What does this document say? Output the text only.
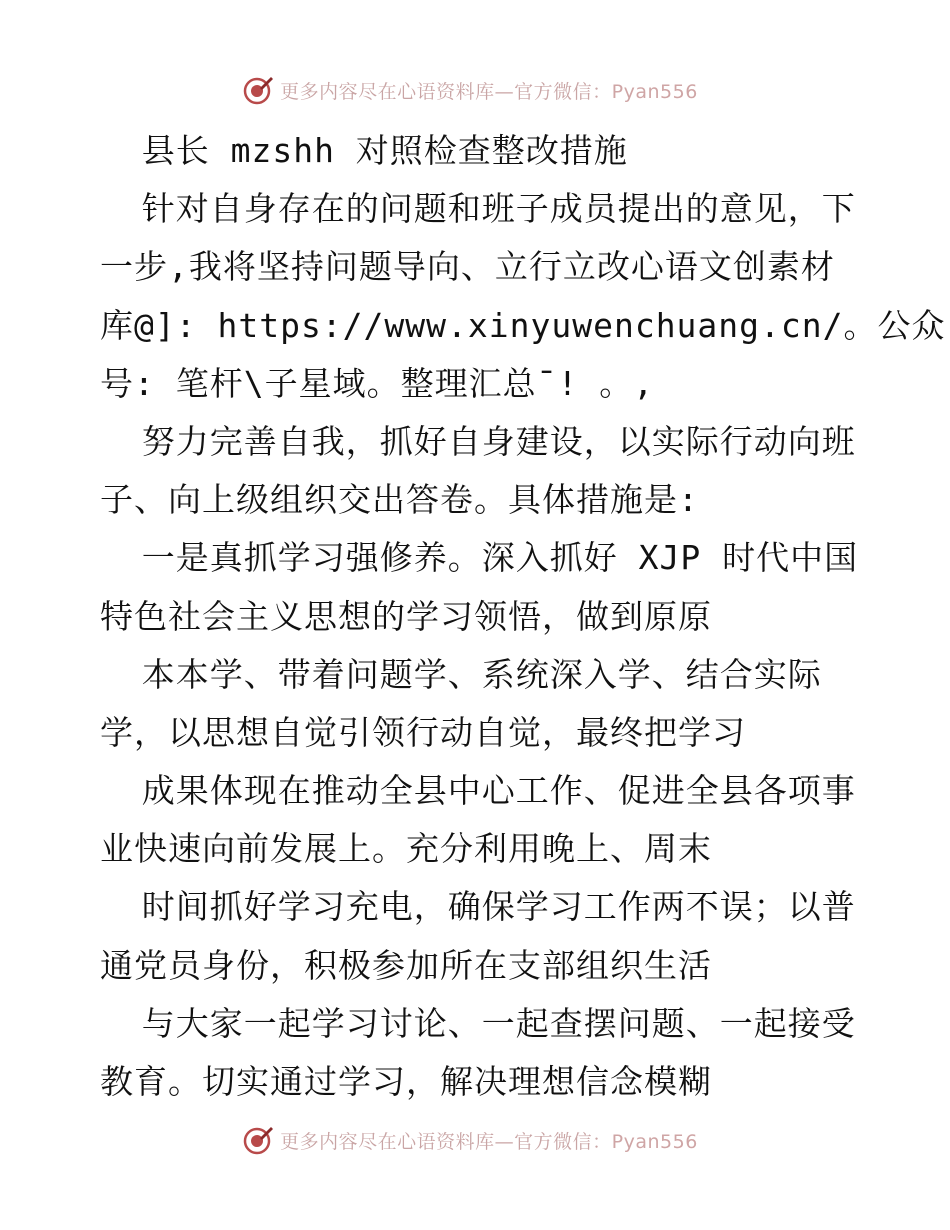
更多内容尽在心语资料库—官方微信：Pyan556
县长 mzshh 对照检查整改措施
针对自身存在的问题和班子成员提出的意见，下
一步,我将坚持问题导向、立行立改心语文创素材
库@]: https://www.xinyuwenchuang.cn/。公众
号: 笔杆\子星域。整理汇总¯! 。,
努力完善自我，抓好自身建设，以实际行动向班
子、向上级组织交出答卷。具体措施是:
一是真抓学习强修养。深入抓好 XJP 时代中国
特色社会主义思想的学习领悟，做到原原
本本学、带着问题学、系统深入学、结合实际
学，以思想自觉引领行动自觉，最终把学习
成果体现在推动全县中心工作、促进全县各项事
业快速向前发展上。充分利用晚上、周末
时间抓好学习充电，确保学习工作两不误；以普
通党员身份，积极参加所在支部组织生活
与大家一起学习讨论、一起查摆问题、一起接受
教育。切实通过学习，解决理想信念模糊
更多内容尽在心语资料库—官方微信：Pyan556
